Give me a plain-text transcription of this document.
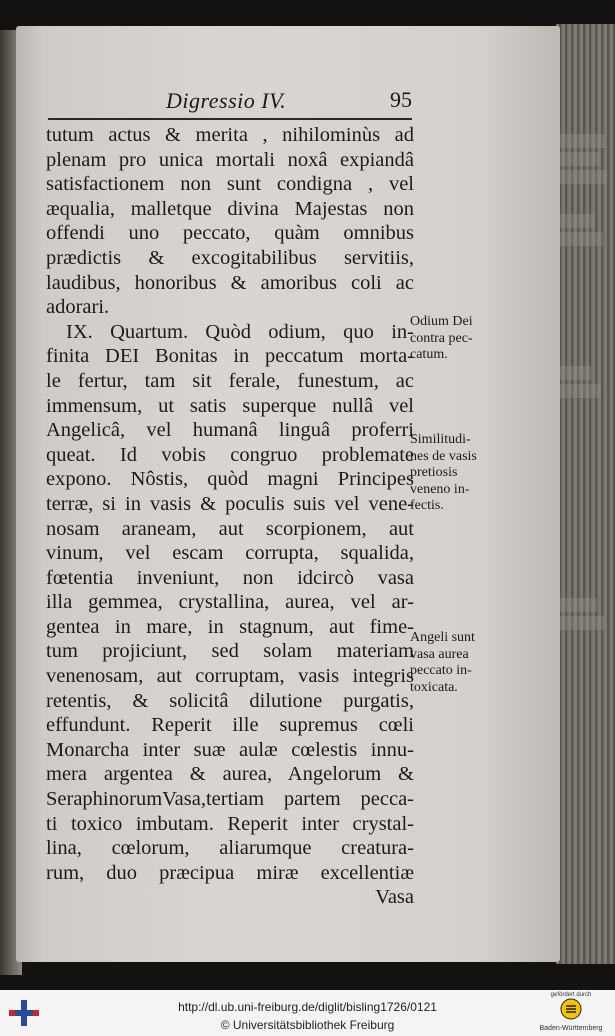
Digressio IV.	95
tutum actus & merita , nihilominùs ad
plenam pro unica mortali noxâ expiandâ
satisfactionem non sunt condigna , vel
æqualia, malletque divina Majestas non
offendi uno peccato, quàm omnibus
prædictis & excogitabilibus servitiis,
laudibus, honoribus & amoribus coli ac
adorari.
IX. Quartum. Quòd odium, quo in-
finita DEI Bonitas in peccatum morta-
le fertur, tam sit ferale, funestum, ac
immensum, ut satis superque nullâ vel
Angelicâ, vel humanâ linguâ proferri
queat. Id vobis congruo problemate
expono. Nôstis, quòd magni Principes
terræ, si in vasis & poculis suis vel vene-
nosam araneam, aut scorpionem, aut
vinum, vel escam corrupta, squalida,
fœtentia inveniunt, non idcircò vasa
illa gemmea, crystallina, aurea, vel ar-
gentea in mare, in stagnum, aut fime-
tum projiciunt, sed solam materiam
venenosam, aut corruptam, vasis integris
retentis, & solicitâ dilutione purgatis,
effundunt. Reperit ille supremus cœli
Monarcha inter suæ aulæ cœlestis innu-
mera argentea & aurea, Angelorum &
SeraphinorumVasa,tertiam partem pecca-
ti toxico imbutam. Reperit inter crystal-
lina, cœlorum, aliarumque creatura-
rum, duo præcipua miræ excellentiæ
Vasa
Odium Dei
contra pec-
catum.
Similitudi-
nes de vasis
pretiosis
veneno in-
fectis.
Angeli sunt
vasa aurea
peccato in-
toxicata.
http://dl.ub.uni-freiburg.de/diglit/bisling1726/0121
© Universitätsbibliothek Freiburg
gefördert durch
Baden-Württemberg
